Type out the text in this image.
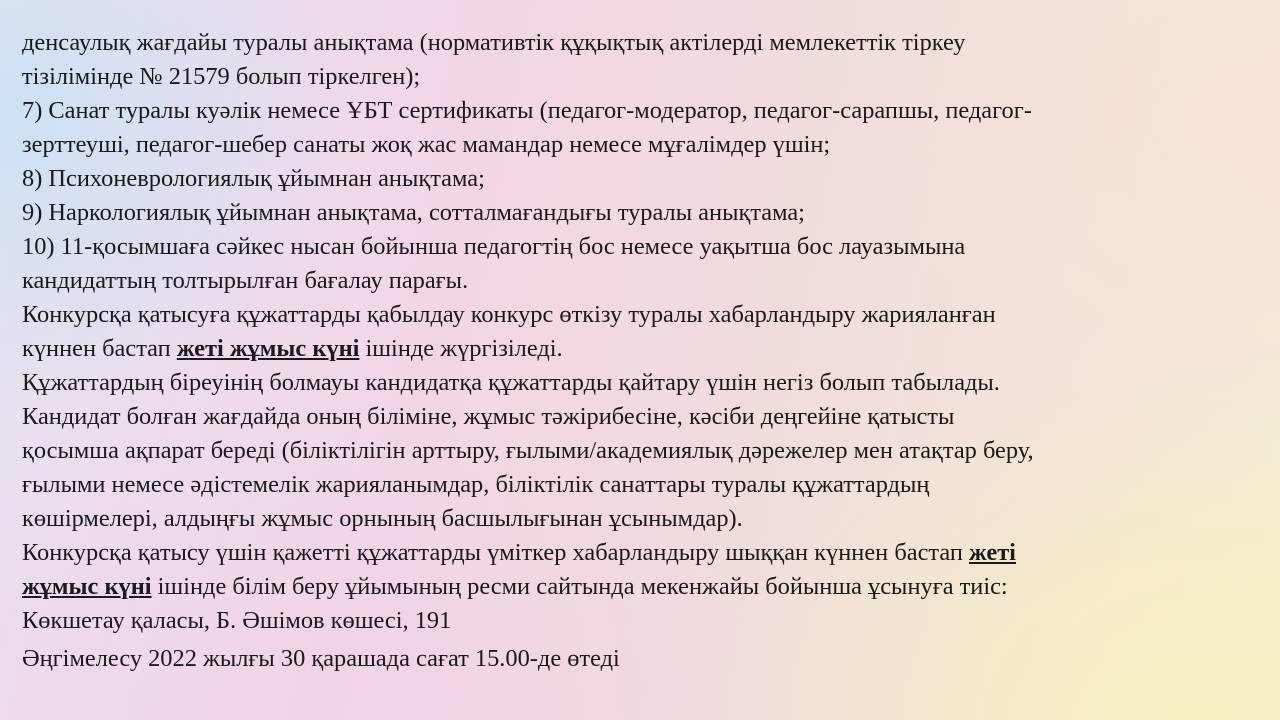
денсаулық жағдайы туралы анықтама (нормативтік құқықтық актілерді мемлекеттік тіркеу
тізілімінде № 21579 болып тіркелген);
7) Санат туралы куәлік немесе ҰБТ сертификаты (педагог-модератор, педагог-сарапшы, педагог-
зерттеуші, педагог-шебер санаты жоқ жас мамандар немесе мұғалімдер үшін;
8) Психоневрологиялық ұйымнан анықтама;
9) Наркологиялық ұйымнан анықтама, сотталмағандығы туралы анықтама;
10) 11-қосымшаға сәйкес нысан бойынша педагогтің бос немесе уақытша бос лауазымына
кандидаттың толтырылған бағалау парағы.
Конкурсқа қатысуға құжаттарды қабылдау конкурс өткізу туралы хабарландыру жарияланған
күннен бастап жеті жұмыс күні ішінде жүргізіледі.
Құжаттардың біреуінің болмауы кандидатқа құжаттарды қайтару үшін негіз болып табылады.
Кандидат болған жағдайда оның біліміне, жұмыс тәжірибесіне, кәсіби деңгейіне қатысты
қосымша ақпарат береді (біліктілігін арттыру, ғылыми/академиялық дәрежелер мен атақтар беру,
ғылыми немесе әдістемелік жарияланымдар, біліктілік санаттары туралы құжаттардың
көшірмелері, алдыңғы жұмыс орнының басшылығынан ұсынымдар).
Конкурсқа қатысу үшін қажетті құжаттарды үміткер хабарландыру шыққан күннен бастап жеті
жұмыс күні ішінде білім беру ұйымының ресми сайтында мекенжайы бойынша ұсынуға тиіс:
Көкшетау қаласы, Б. Әшімов көшесі, 191
Әңгімелесу 2022 жылғы 30 қарашада сағат 15.00-де өтеді
